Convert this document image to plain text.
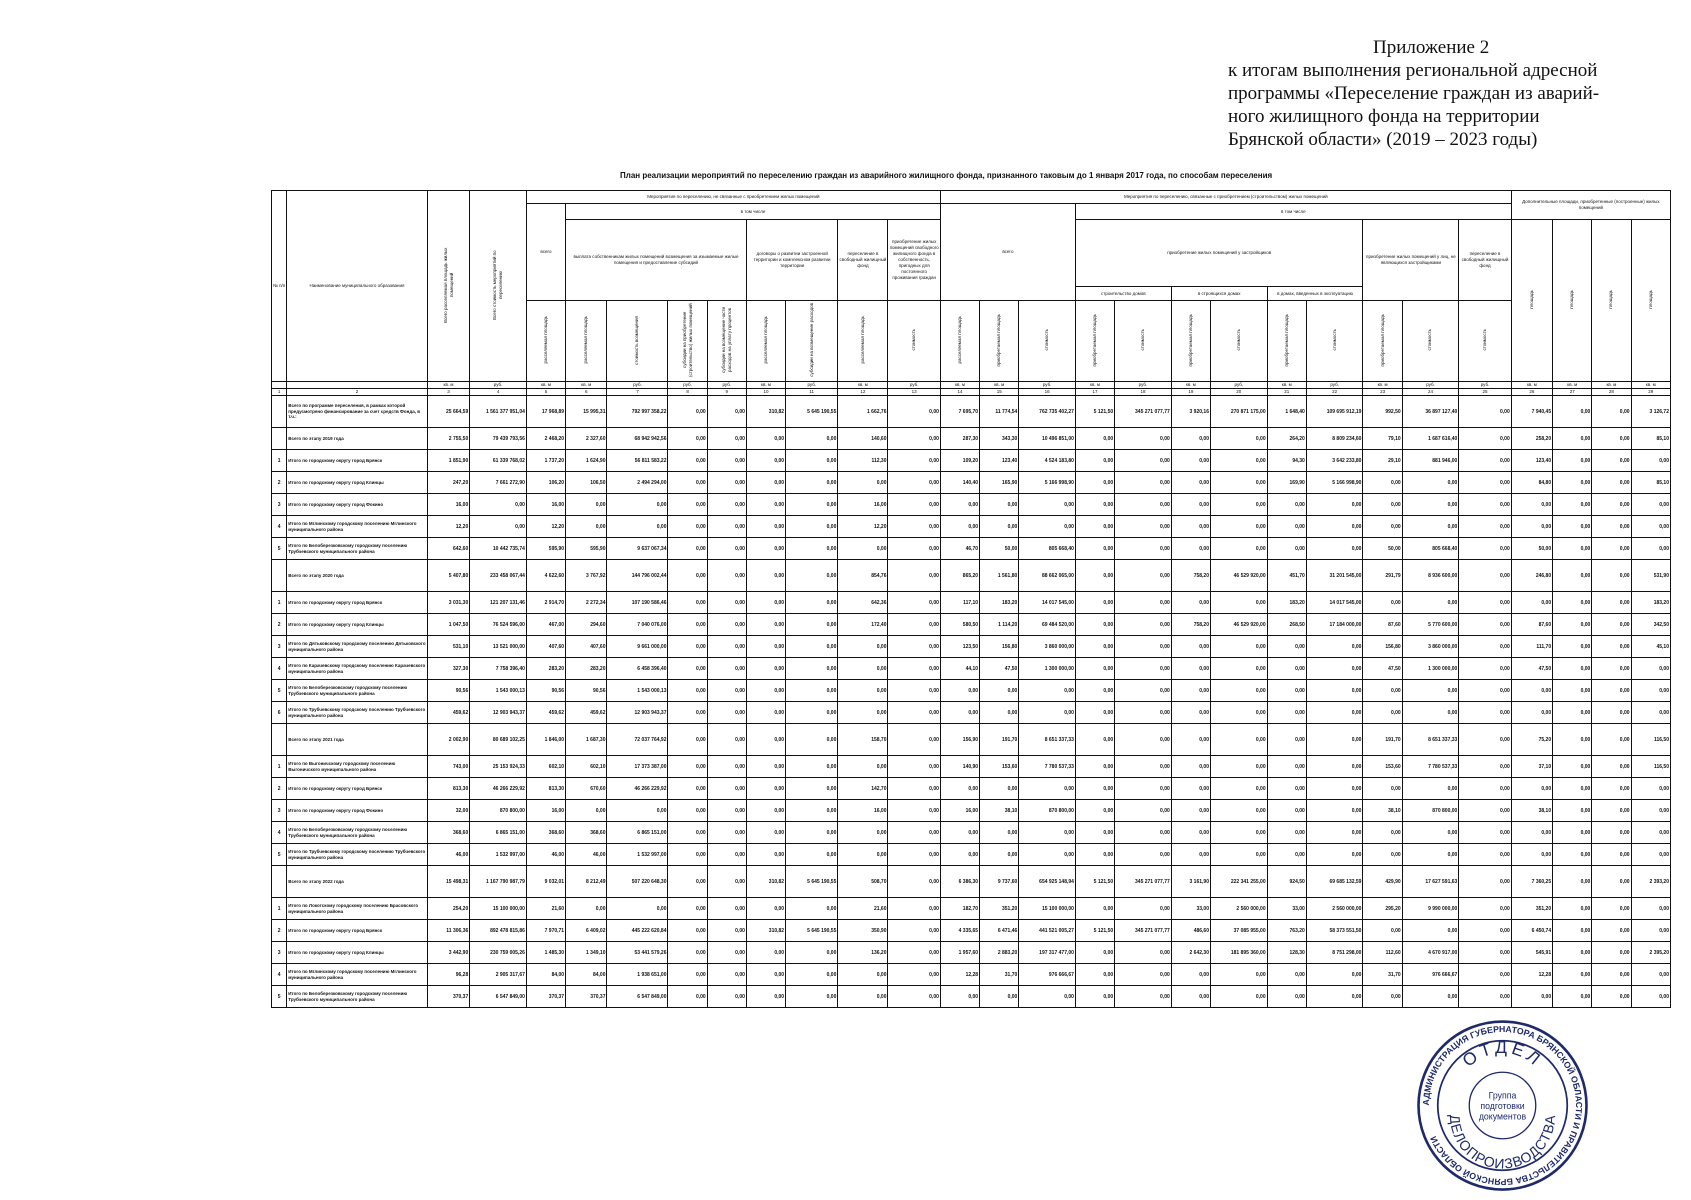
Приложение 2
к итогам выполнения региональной адресной
программы «Переселение граждан из аварий-
ного жилищного фонда на территории
Брянской области» (2019 – 2023 годы)
План реализации мероприятий по переселению граждан из аварийного жилищного фонда, признанного таковым до 1 января 2017 года, по способам переселения
№ п/п	Наименование муниципального образования	Всего расселяемая площадь жилых помещений	Всего стоимость мероприятий по переселению	Мероприятия по переселению, не связанные с приобретением жилых помещений									Мероприятия по переселению, связанные с приобретением (строительством) жилых помещений												Дополнительные площади, приобретенные (построенные) жилых помещений			
				всего	в том числе								всего			в том числе												
					выплата собственникам жилых помещений возмещения за изымаемые жилые помещения и предоставление субсидий				договоры о развитии застроенной территории и комплексном развитии территории		переселение в свободный жилищный фонд	приобретение жилых помещений свободного жилищного фонда в собственность, пригодных для постоянного проживания граждан				приобретение жилых помещений у застройщиков						приобретение жилых помещений у лиц, не являющихся застройщиками		переселение в свободный жилищный фонд	площадь	площадь	площадь	площадь
																строительство домов		в строящихся домах		в домах, введенных в эксплуатацию								
				расселяемая площадь	расселяемая площадь	стоимость возмещения	субсидии на приобретение (строительство) жилых помещений	субсидии на возмещение части расходов на уплату процентов	расселяемая площадь	субсидии на возмещение расходов	расселяемая площадь	стоимость	расселяемая площадь	приобретаемая площадь	стоимость	приобретаемая площадь	стоимость	приобретаемая площадь	стоимость	приобретаемая площадь	стоимость	приобретаемая площадь	стоимость	стоимость				
		кв. м	руб.	кв. м	кв. м	руб.	руб.	руб.	кв. м	руб.	кв. м	руб.	кв. м	кв. м	руб.	кв. м	руб.	кв. м	руб.	кв. м	руб.	кв. м	руб.	руб.	кв. м	кв. м	кв. м	кв. м
1	2	3	4	5	6	7	8	9	10	11	12	13	14	15	16	17	18	19	20	21	22	23	24	25	26	27	28	29
	Всего по программе переселения, в рамках которой предусмотрено финансирование за счет средств Фонда, в т.ч.:	25 664,59	1 561 377 951,04	17 968,89	15 995,31	792 997 358,22	0,00	0,00	310,82	5 645 190,55	1 662,76	0,00	7 695,70	11 774,54	762 735 402,27	5 121,50	345 271 077,77	3 920,16	270 871 175,00	1 648,40	109 695 912,19	992,50	36 897 127,40	0,00	7 940,45	0,00	0,00	3 126,72
	Всего по этапу 2019 года	2 755,50	79 439 793,56	2 468,20	2 327,60	68 942 942,56	0,00	0,00	0,00	0,00	140,60	0,00	287,30	343,30	10 496 851,00	0,00	0,00	0,00	0,00	264,20	8 809 234,60	79,10	1 687 616,40	0,00	258,20	0,00	0,00	85,10
1	Итого по городскому округу город Брянск	1 851,90	61 339 768,02	1 737,20	1 624,90	56 811 583,22	0,00	0,00	0,00	0,00	112,30	0,00	109,20	123,40	4 524 183,80	0,00	0,00	0,00	0,00	94,30	3 642 233,80	29,10	881 946,00	0,00	123,40	0,00	0,00	0,00
2	Итого по городскому округу город Клинцы	247,20	7 661 272,90	106,20	106,50	2 494 294,00	0,00	0,00	0,00	0,00	0,00	0,00	140,40	165,90	5 166 998,90	0,00	0,00	0,00	0,00	169,90	5 166 998,90	0,00	0,00	0,00	84,80	0,00	0,00	85,10
3	Итого по городскому округу город Фокино	16,00	0,00	16,00	0,00	0,00	0,00	0,00	0,00	0,00	16,00	0,00	0,00	0,00	0,00	0,00	0,00	0,00	0,00	0,00	0,00	0,00	0,00	0,00	0,00	0,00	0,00	0,00
4	Итого по Мглинскому городскому поселению Мглинского муниципального района	12,20	0,00	12,20	0,00	0,00	0,00	0,00	0,00	0,00	12,20	0,00	0,00	0,00	0,00	0,00	0,00	0,00	0,00	0,00	0,00	0,00	0,00	0,00	0,00	0,00	0,00	0,00
5	Итого по Белоберезковскому городскому поселению Трубчевского муниципального района	642,60	10 442 735,74	595,90	595,90	9 637 067,34	0,00	0,00	0,00	0,00	0,00	0,00	46,70	50,00	805 668,40	0,00	0,00	0,00	0,00	0,00	0,00	50,00	805 668,40	0,00	50,00	0,00	0,00	0,00
	Всего по этапу 2020 года	5 407,80	233 458 067,44	4 622,60	3 767,92	144 796 002,44	0,00	0,00	0,00	0,00	854,76	0,00	865,20	1 561,80	88 662 065,00	0,00	0,00	758,20	46 529 920,00	451,70	31 201 545,00	291,79	8 936 600,00	0,00	246,80	0,00	0,00	531,90
1	Итого по городскому округу город Брянск	3 031,30	121 207 131,46	2 914,70	2 272,34	107 190 586,46	0,00	0,00	0,00	0,00	642,36	0,00	117,10	183,20	14 017 545,00	0,00	0,00	0,00	0,00	183,20	14 017 545,00	0,00	0,00	0,00	0,00	0,00	0,00	183,20
2	Итого по городскому округу город Клинцы	1 047,50	76 524 596,00	467,00	294,60	7 040 076,00	0,00	0,00	0,00	0,00	172,40	0,00	580,50	1 114,20	69 484 520,00	0,00	0,00	758,20	46 529 920,00	268,50	17 184 000,00	87,60	5 770 600,00	0,00	87,60	0,00	0,00	342,50
3	Итого по Дятьковскому городскому поселению Дятьковского муниципального района	531,10	13 521 000,00	407,60	407,60	9 661 000,00	0,00	0,00	0,00	0,00	0,00	0,00	123,50	156,80	3 860 000,00	0,00	0,00	0,00	0,00	0,00	0,00	156,80	3 860 000,00	0,00	111,70	0,00	0,00	45,10
4	Итого по Карачевскому городскому поселению Карачевского муниципального района	327,30	7 758 396,40	283,20	283,20	6 458 396,40	0,00	0,00	0,00	0,00	0,00	0,00	44,10	47,50	1 300 000,00	0,00	0,00	0,00	0,00	0,00	0,00	47,50	1 300 000,00	0,00	47,50	0,00	0,00	0,00
5	Итого по Белоберезковскому городскому поселению Трубчевского муниципального района	90,56	1 543 000,13	90,56	90,56	1 543 000,13	0,00	0,00	0,00	0,00	0,00	0,00	0,00	0,00	0,00	0,00	0,00	0,00	0,00	0,00	0,00	0,00	0,00	0,00	0,00	0,00	0,00	0,00
6	Итого по Трубчевскому городскому поселению Трубчевского муниципального района	459,62	12 903 943,37	459,62	459,62	12 903 943,37	0,00	0,00	0,00	0,00	0,00	0,00	0,00	0,00	0,00	0,00	0,00	0,00	0,00	0,00	0,00	0,00	0,00	0,00	0,00	0,00	0,00	0,00
	Всего по этапу 2021 года	2 002,90	80 689 102,25	1 846,00	1 687,30	72 037 764,92	0,00	0,00	0,00	0,00	158,70	0,00	156,90	191,70	8 651 337,33	0,00	0,00	0,00	0,00	0,00	0,00	191,70	8 651 337,33	0,00	75,20	0,00	0,00	116,50
1	Итого по Выгоничскому городскому поселению Выгоничского муниципального района	743,00	25 153 924,33	602,10	602,10	17 373 387,00	0,00	0,00	0,00	0,00	0,00	0,00	140,90	153,60	7 780 537,33	0,00	0,00	0,00	0,00	0,00	0,00	153,60	7 780 537,33	0,00	37,10	0,00	0,00	116,50
2	Итого по городскому округу город Брянск	813,30	46 266 229,92	813,30	670,60	46 266 229,92	0,00	0,00	0,00	0,00	142,70	0,00	0,00	0,00	0,00	0,00	0,00	0,00	0,00	0,00	0,00	0,00	0,00	0,00	0,00	0,00	0,00	0,00
3	Итого по городскому округу город Фокино	32,00	870 800,00	16,00	0,00	0,00	0,00	0,00	0,00	0,00	16,00	0,00	16,00	38,10	870 800,00	0,00	0,00	0,00	0,00	0,00	0,00	38,10	870 800,00	0,00	38,10	0,00	0,00	0,00
4	Итого по Белоберезковскому городскому поселению Трубчевского муниципального района	368,60	6 865 151,00	368,60	368,60	6 865 151,00	0,00	0,00	0,00	0,00	0,00	0,00	0,00	0,00	0,00	0,00	0,00	0,00	0,00	0,00	0,00	0,00	0,00	0,00	0,00	0,00	0,00	0,00
5	Итого по Трубчевскому городскому поселению Трубчевского муниципального района	46,00	1 532 997,00	46,00	46,00	1 532 997,00	0,00	0,00	0,00	0,00	0,00	0,00	0,00	0,00	0,00	0,00	0,00	0,00	0,00	0,00	0,00	0,00	0,00	0,00	0,00	0,00	0,00	0,00
	Всего по этапу 2022 года	15 498,31	1 167 790 987,79	9 032,01	8 212,49	507 220 648,30	0,00	0,00	310,82	5 645 190,55	508,70	0,00	6 386,30	9 737,60	654 925 148,94	5 121,50	345 271 077,77	3 161,90	222 341 255,00	924,50	69 685 132,59	429,90	17 627 591,63	0,00	7 360,25	0,00	0,00	2 393,20
1	Итого по Локотскому городскому поселению Брасовского муниципального района	254,20	15 100 000,00	21,60	0,00	0,00	0,00	0,00	0,00	0,00	21,60	0,00	182,70	351,20	15 100 000,00	0,00	0,00	33,00	2 560 000,00	33,00	2 560 000,00	295,20	9 990 000,00	0,00	351,20	0,00	0,00	0,00
2	Итого по городскому округу город Брянск	11 306,36	892 478 815,86	7 970,71	6 409,02	445 222 620,84	0,00	0,00	310,82	5 645 190,55	350,90	0,00	4 335,65	6 471,46	441 521 005,27	5 121,50	345 271 077,77	486,60	37 085 955,00	763,20	58 373 551,50	0,00	0,00	0,00	6 450,74	0,00	0,00	0,00
3	Итого по городскому округу город Клинцы	3 442,90	230 759 005,26	1 485,30	1 349,10	53 441 579,26	0,00	0,00	0,00	0,00	136,20	0,00	1 957,60	2 883,20	197 317 477,00	0,00	0,00	2 642,30	181 895 360,00	128,30	8 751 298,00	112,60	4 670 917,00	0,00	545,91	0,00	0,00	2 395,20
4	Итого по Мглинскому городскому поселению Мглинского муниципального района	96,28	2 905 317,67	84,00	84,00	1 938 651,00	0,00	0,00	0,00	0,00	0,00	0,00	12,28	31,70	976 666,67	0,00	0,00	0,00	0,00	0,00	0,00	31,70	976 666,67	0,00	12,28	0,00	0,00	0,00
5	Итого по Белоберезковскому городскому поселению Трубчевского муниципального района	370,37	6 547 849,00	370,37	370,37	6 547 849,00	0,00	0,00	0,00	0,00	0,00	0,00	0,00	0,00	0,00	0,00	0,00	0,00	0,00	0,00	0,00	0,00	0,00	0,00	0,00	0,00	0,00	0,00
АДМИНИСТРАЦИЯ ГУБЕРНАТОРА БРЯНСКОЙ ОБЛАСТИ И ПРАВИТЕЛЬСТВА БРЯНСКОЙ ОБЛАСТИ
ОТДЕЛ
ДЕЛОПРОИЗВОДСТВА
Группа
подготовки
документов
